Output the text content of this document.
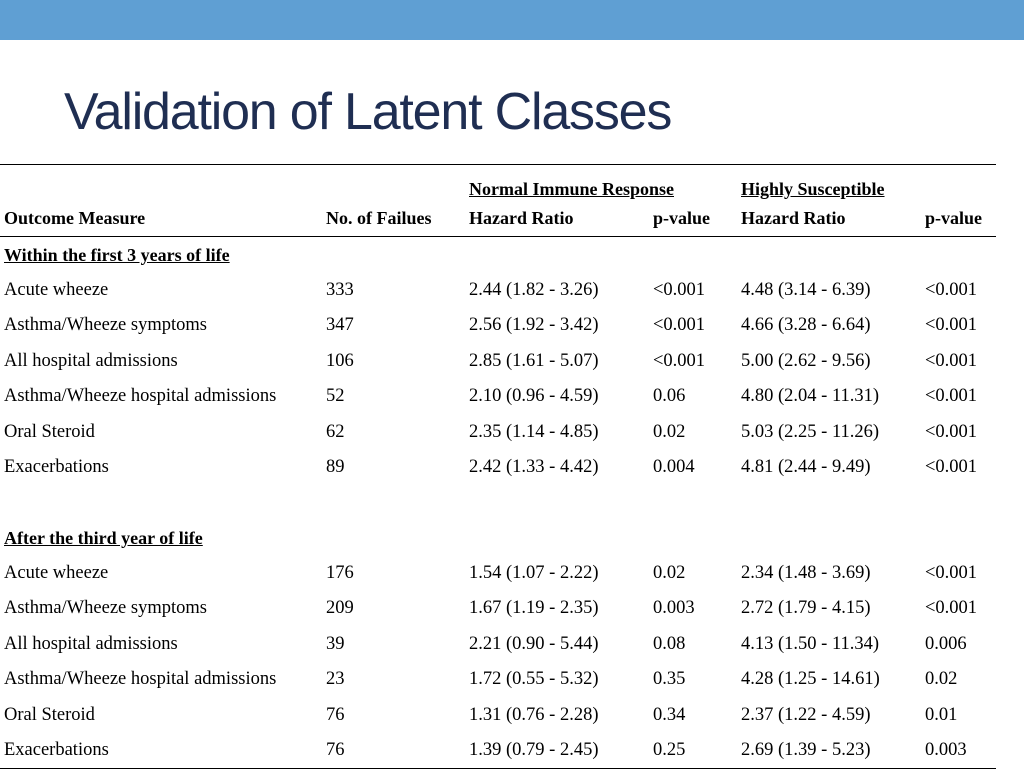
Validation of Latent Classes
		Normal Immune Response		Highly Susceptible	
Outcome Measure	No. of Failues	Hazard Ratio	p-value	Hazard Ratio	p-value
Within the first 3 years of life					
Acute wheeze	333	2.44 (1.82 - 3.26)	<0.001	4.48 (3.14 - 6.39)	<0.001
Asthma/Wheeze symptoms	347	2.56 (1.92 - 3.42)	<0.001	4.66 (3.28 - 6.64)	<0.001
All hospital admissions	106	2.85 (1.61 - 5.07)	<0.001	5.00 (2.62 - 9.56)	<0.001
Asthma/Wheeze hospital admissions	52	2.10 (0.96 - 4.59)	0.06	4.80 (2.04 - 11.31)	<0.001
Oral Steroid	62	2.35 (1.14 - 4.85)	0.02	5.03 (2.25 - 11.26)	<0.001
Exacerbations	89	2.42 (1.33 - 4.42)	0.004	4.81 (2.44 - 9.49)	<0.001

After the third year of life					
Acute wheeze	176	1.54 (1.07 - 2.22)	0.02	2.34 (1.48 - 3.69)	<0.001
Asthma/Wheeze symptoms	209	1.67 (1.19 - 2.35)	0.003	2.72 (1.79 - 4.15)	<0.001
All hospital admissions	39	2.21 (0.90 - 5.44)	0.08	4.13 (1.50 - 11.34)	0.006
Asthma/Wheeze hospital admissions	23	1.72 (0.55 - 5.32)	0.35	4.28 (1.25 - 14.61)	0.02
Oral Steroid	76	1.31 (0.76 - 2.28)	0.34	2.37 (1.22 - 4.59)	0.01
Exacerbations	76	1.39 (0.79 - 2.45)	0.25	2.69 (1.39 - 5.23)	0.003
